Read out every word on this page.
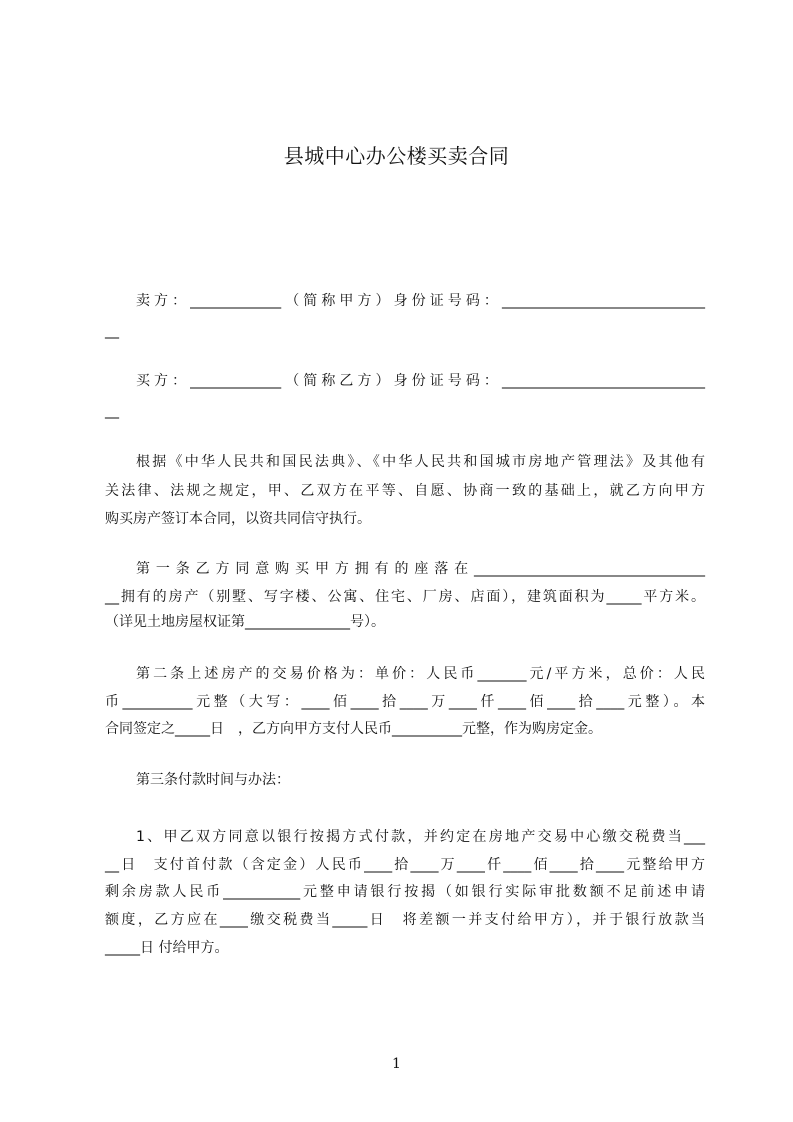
县城中心办公楼买卖合同
卖方：_____________（简称甲方）身份证号码：_____________________________
__
买方：_____________（简称乙方）身份证号码：_____________________________
__
根据《中华人民共和国民法典》、《中华人民共和国城市房地产管理法》及其他有
关法律、法规之规定，甲、乙双方在平等、自愿、协商一致的基础上，就乙方向甲方
购买房产签订本合同，以资共同信守执行。
第一条乙方同意购买甲方拥有的座落在_________________________________
__拥有的房产（别墅、写字楼、公寓、住宅、厂房、店面），建筑面积为_____平方米。
（详见土地房屋权证第_______________号）。
第二条上述房产的交易价格为：单价：人民币_______元/平方米，总价：人民
币__________元整（大写：____佰____拾____万____仟____佰____拾____元整）。本
合同签定之_____日　，乙方向甲方支付人民币__________元整，作为购房定金。
第三条付款时间与办法：
1、甲乙双方同意以银行按揭方式付款，并约定在房地产交易中心缴交税费当___
__日　支付首付款（含定金）人民币____拾____万____仟____佰____拾____元整给甲方
剩余房款人民币___________元整申请银行按揭（如银行实际审批数额不足前述申请
额度，乙方应在____缴交税费当_____日　将差额一并支付给甲方），并于银行放款当
_____日 付给甲方。
1
